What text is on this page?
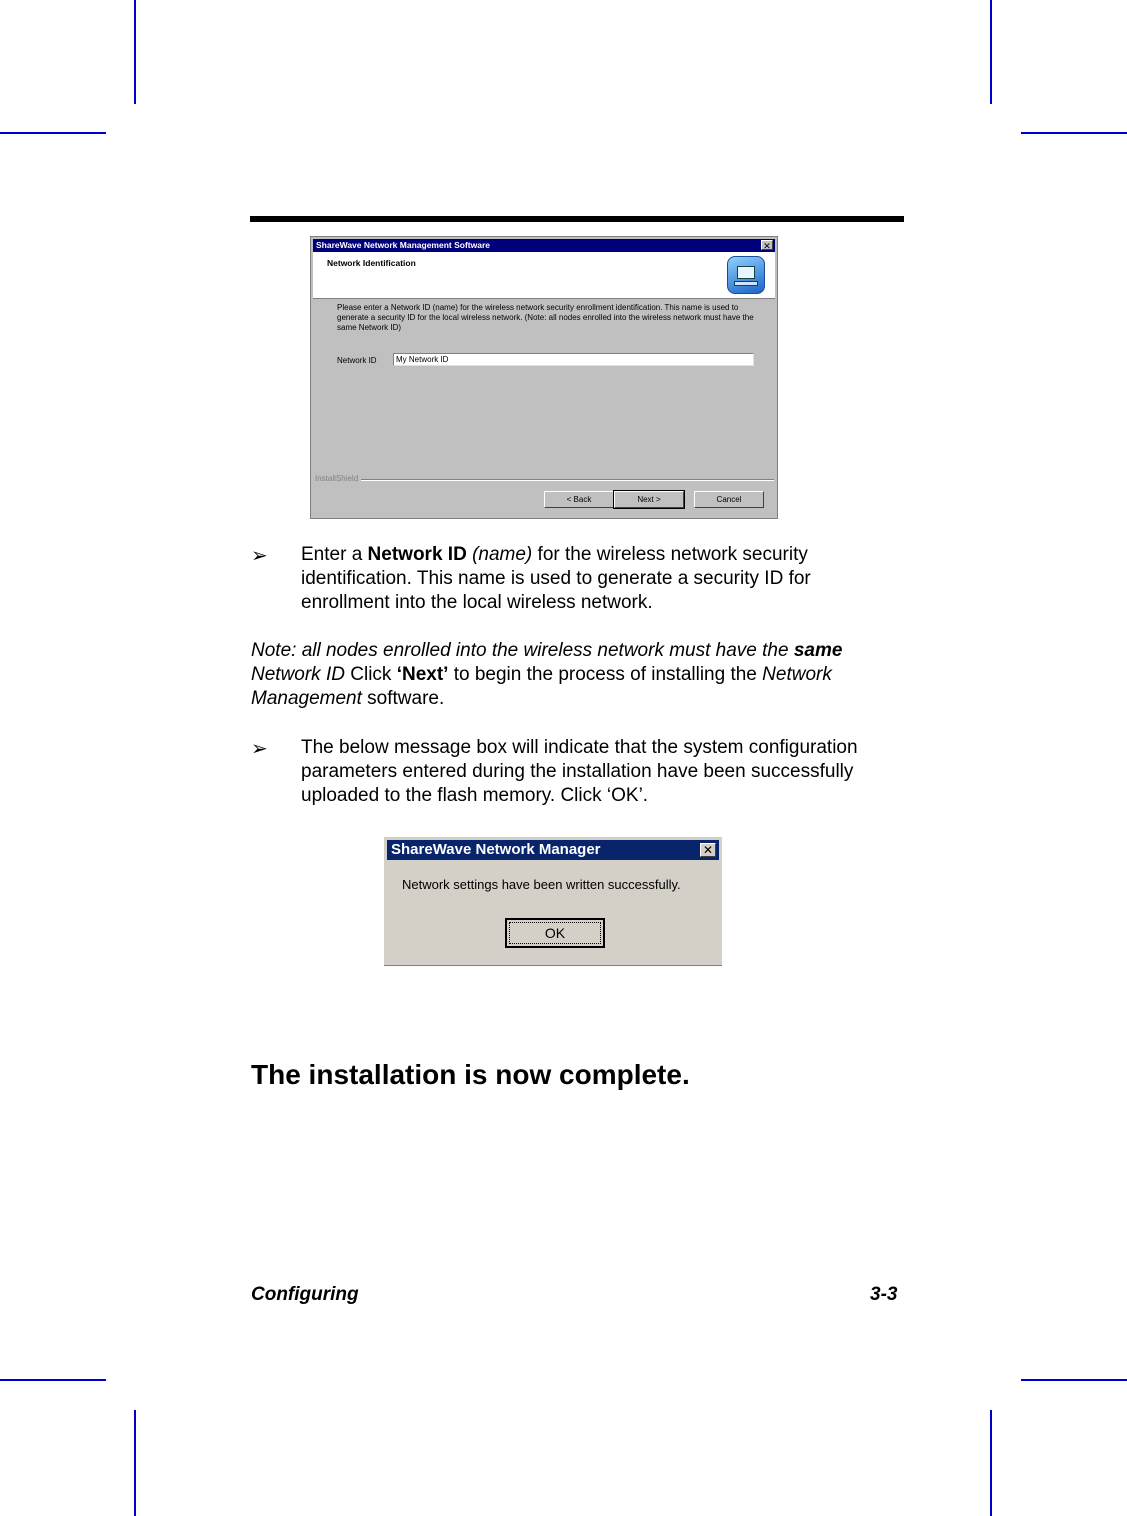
ShareWave Network Management Software	✕
Network Identification
Please enter a Network ID (name) for the wireless network security enrollment identification. This name is used to generate a security ID for the local wireless network. (Note: all nodes enrolled into the wireless network must have the same Network ID)
Network ID	My Network ID
InstallShield
< Back	Next >	Cancel
➢ Enter a Network ID (name) for the wireless network security identification. This name is used to generate a security ID for enrollment into the local wireless network.
Note: all nodes enrolled into the wireless network must have the same Network ID Click ‘Next’ to begin the process of installing the Network Management software.
➢ The below message box will indicate that the system configuration parameters entered during the installation have been successfully uploaded to the flash memory. Click ‘OK’.
ShareWave Network Manager	✕
Network settings have been written successfully.
OK
The installation is now complete.
Configuring	3-3
